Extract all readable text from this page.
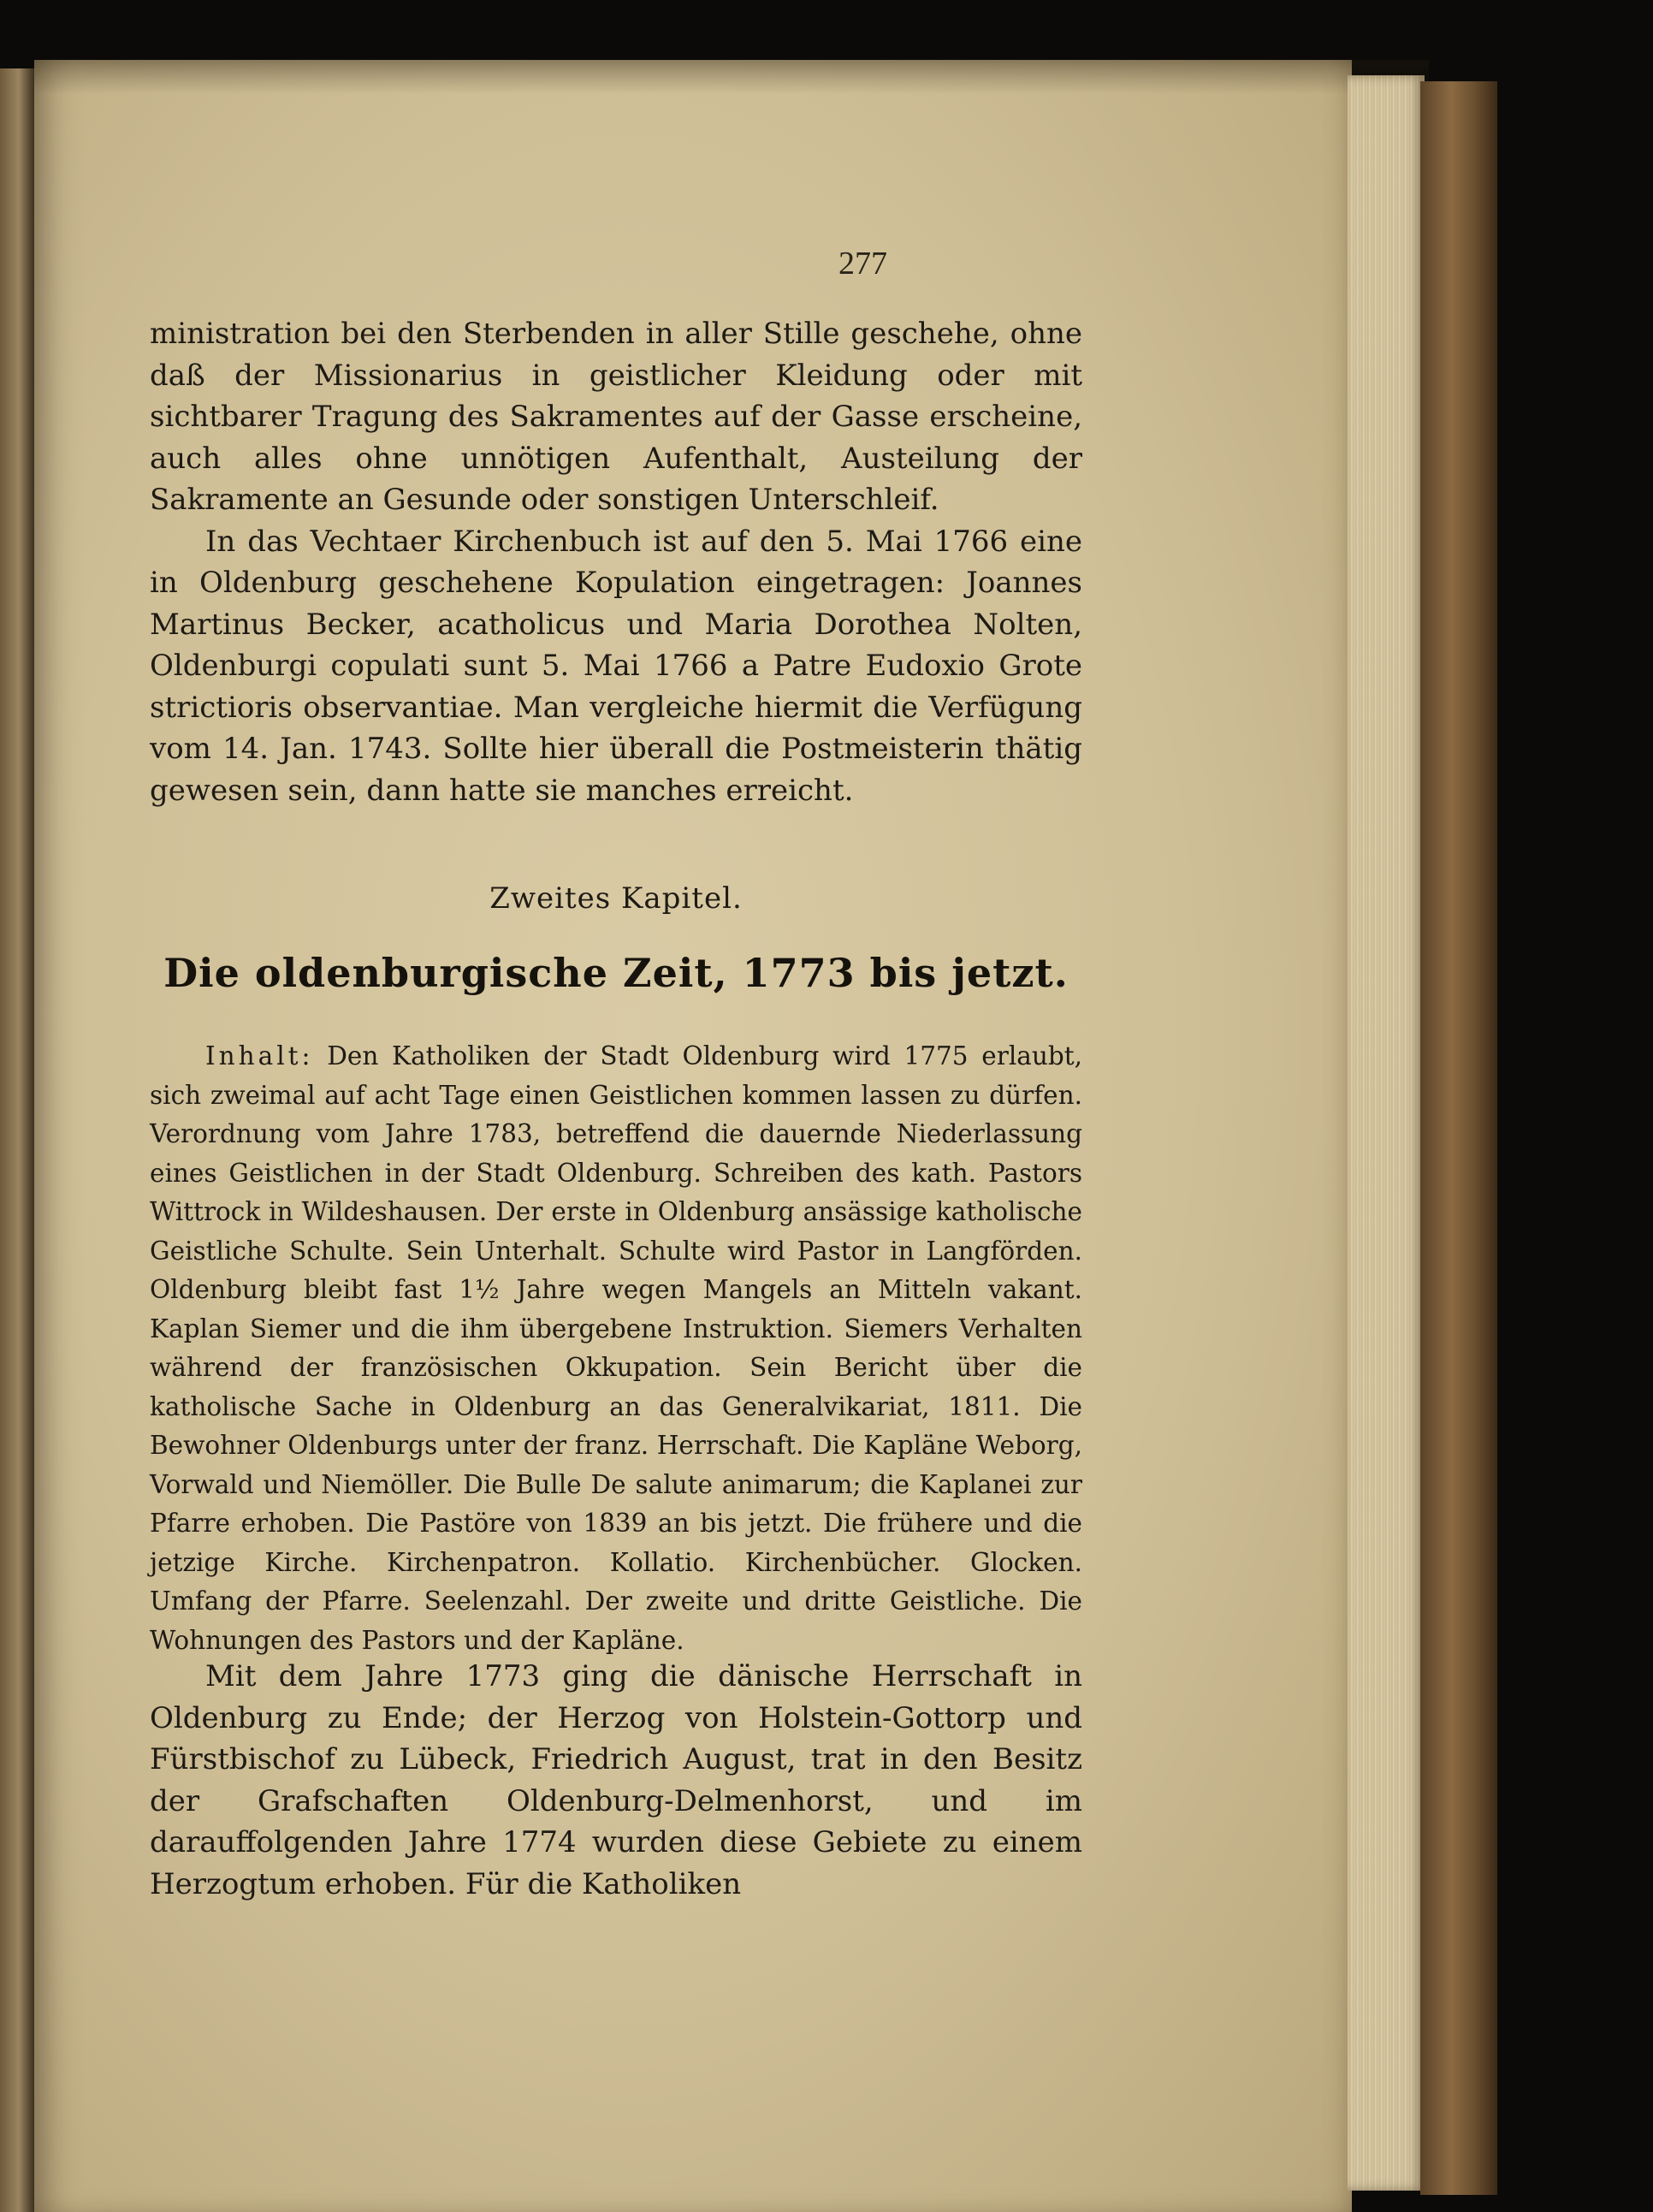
277

ministration bei den Sterbenden in aller Stille geschehe, ohne daß der Missionarius in geistlicher Kleidung oder mit sichtbarer Tragung des Sakramentes auf der Gasse erscheine, auch alles ohne unnötigen Aufenthalt, Austeilung der Sakramente an Gesunde oder sonstigen Unterschleif.

In das Vechtaer Kirchenbuch ist auf den 5. Mai 1766 eine in Oldenburg geschehene Kopulation eingetragen: Joannes Martinus Becker, acatholicus und Maria Dorothea Nolten, Oldenburgi copulati sunt 5. Mai 1766 a Patre Eudoxio Grote strictioris observantiae. Man vergleiche hiermit die Verfügung vom 14. Jan. 1743. Sollte hier überall die Postmeisterin thätig gewesen sein, dann hatte sie manches erreicht.

Zweites Kapitel.
Die oldenburgische Zeit, 1773 bis jetzt.

Inhalt: Den Katholiken der Stadt Oldenburg wird 1775 erlaubt, sich zweimal auf acht Tage einen Geistlichen kommen lassen zu dürfen. Verordnung vom Jahre 1783, betreffend die dauernde Niederlassung eines Geistlichen in der Stadt Oldenburg. Schreiben des kath. Pastors Wittrock in Wildeshausen. Der erste in Oldenburg ansässige katholische Geistliche Schulte. Sein Unterhalt. Schulte wird Pastor in Langförden. Oldenburg bleibt fast 1½ Jahre wegen Mangels an Mitteln vakant. Kaplan Siemer und die ihm übergebene Instruktion. Siemers Verhalten während der französischen Okkupation. Sein Bericht über die katholische Sache in Oldenburg an das Generalvikariat, 1811. Die Bewohner Oldenburgs unter der franz. Herrschaft. Die Kapläne Weborg, Vorwald und Niemöller. Die Bulle De salute animarum; die Kaplanei zur Pfarre erhoben. Die Pastöre von 1839 an bis jetzt. Die frühere und die jetzige Kirche. Kirchenpatron. Kollatio. Kirchenbücher. Glocken. Umfang der Pfarre. Seelenzahl. Der zweite und dritte Geistliche. Die Wohnungen des Pastors und der Kapläne.

Mit dem Jahre 1773 ging die dänische Herrschaft in Oldenburg zu Ende; der Herzog von Holstein-Gottorp und Fürstbischof zu Lübeck, Friedrich August, trat in den Besitz der Grafschaften Oldenburg-Delmenhorst, und im darauffolgenden Jahre 1774 wurden diese Gebiete zu einem Herzogtum erhoben. Für die Katholiken
